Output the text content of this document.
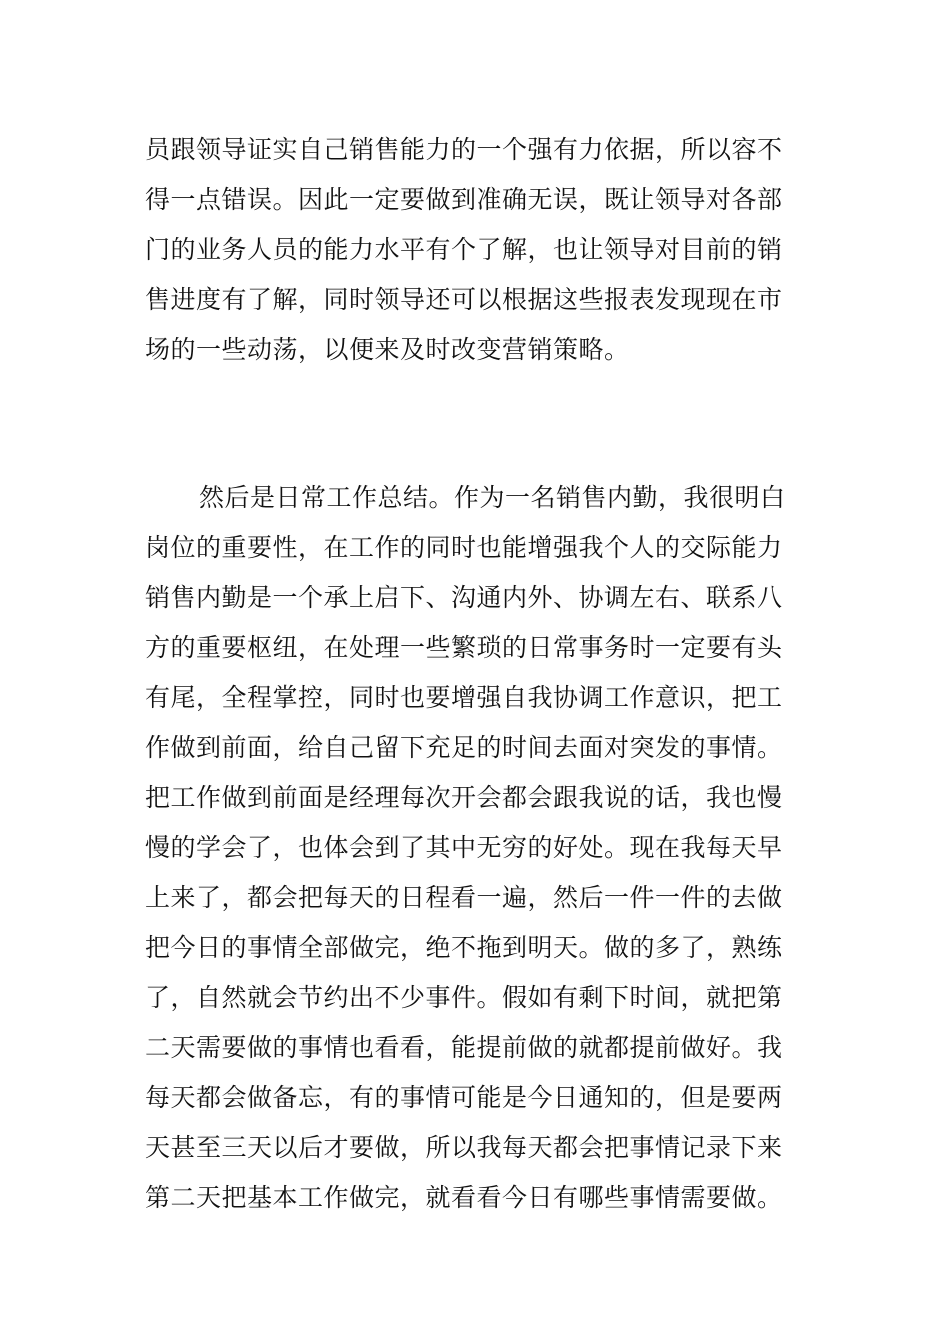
员跟领导证实自己销售能力的一个强有力依据，所以容不
得一点错误。因此一定要做到准确无误，既让领导对各部
门的业务人员的能力水平有个了解，也让领导对目前的销
售进度有了解，同时领导还可以根据这些报表发现现在市
场的一些动荡，以便来及时改变营销策略。
然后是日常工作总结。作为一名销售内勤，我很明白
岗位的重要性，在工作的同时也能增强我个人的交际能力
销售内勤是一个承上启下、沟通内外、协调左右、联系八
方的重要枢纽，在处理一些繁琐的日常事务时一定要有头
有尾，全程掌控，同时也要增强自我协调工作意识，把工
作做到前面，给自己留下充足的时间去面对突发的事情。
把工作做到前面是经理每次开会都会跟我说的话，我也慢
慢的学会了，也体会到了其中无穷的好处。现在我每天早
上来了，都会把每天的日程看一遍，然后一件一件的去做
把今日的事情全部做完，绝不拖到明天。做的多了，熟练
了，自然就会节约出不少事件。假如有剩下时间，就把第
二天需要做的事情也看看，能提前做的就都提前做好。我
每天都会做备忘，有的事情可能是今日通知的，但是要两
天甚至三天以后才要做，所以我每天都会把事情记录下来
第二天把基本工作做完，就看看今日有哪些事情需要做。
